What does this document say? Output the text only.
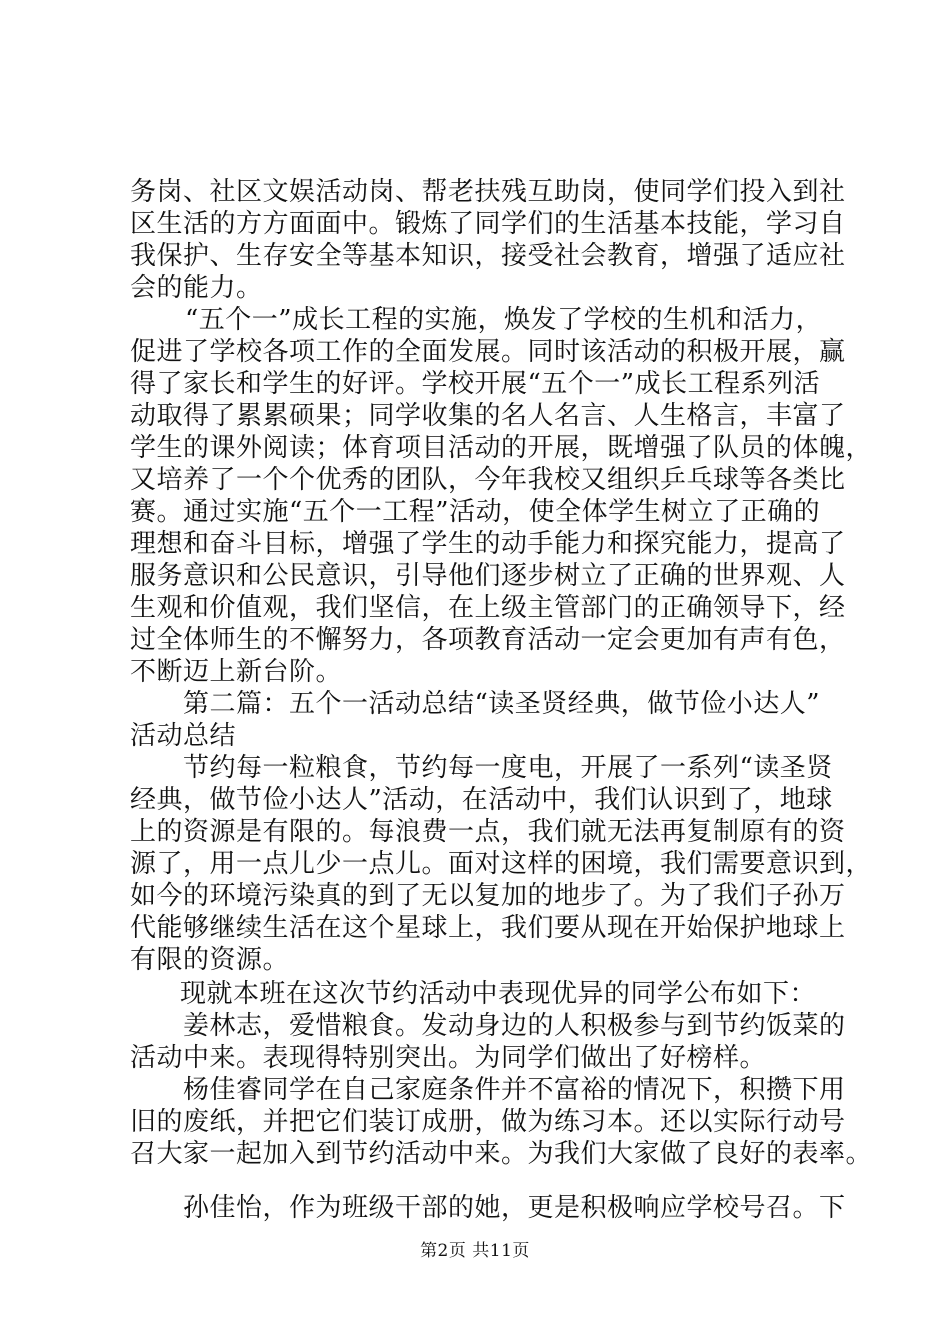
务岗、社区文娱活动岗、帮老扶残互助岗，使同学们投入到社
区生活的方方面面中。锻炼了同学们的生活基本技能，学习自
我保护、生存安全等基本知识，接受社会教育，增强了适应社
会的能力。
“五个一”成长工程的实施，焕发了学校的生机和活力，
促进了学校各项工作的全面发展。同时该活动的积极开展，赢
得了家长和学生的好评。学校开展“五个一”成长工程系列活
动取得了累累硕果；同学收集的名人名言、人生格言，丰富了
学生的课外阅读；体育项目活动的开展，既增强了队员的体魄，
又培养了一个个优秀的团队，今年我校又组织乒乓球等各类比
赛。通过实施“五个一工程”活动，使全体学生树立了正确的
理想和奋斗目标，增强了学生的动手能力和探究能力，提高了
服务意识和公民意识，引导他们逐步树立了正确的世界观、人
生观和价值观，我们坚信，在上级主管部门的正确领导下，经
过全体师生的不懈努力，各项教育活动一定会更加有声有色，
不断迈上新台阶。
第二篇：五个一活动总结“读圣贤经典，做节俭小达人”
活动总结
节约每一粒粮食，节约每一度电，开展了一系列“读圣贤
经典，做节俭小达人”活动，在活动中，我们认识到了，地球
上的资源是有限的。每浪费一点，我们就无法再复制原有的资
源了，用一点儿少一点儿。面对这样的困境，我们需要意识到，
如今的环境污染真的到了无以复加的地步了。为了我们子孙万
代能够继续生活在这个星球上，我们要从现在开始保护地球上
有限的资源。
现就本班在这次节约活动中表现优异的同学公布如下：
姜林志，爱惜粮食。发动身边的人积极参与到节约饭菜的
活动中来。表现得特别突出。为同学们做出了好榜样。
杨佳睿同学在自己家庭条件并不富裕的情况下，积攒下用
旧的废纸，并把它们装订成册，做为练习本。还以实际行动号
召大家一起加入到节约活动中来。为我们大家做了良好的表率。
孙佳怡，作为班级干部的她，更是积极响应学校号召。下
第2页 共11页
